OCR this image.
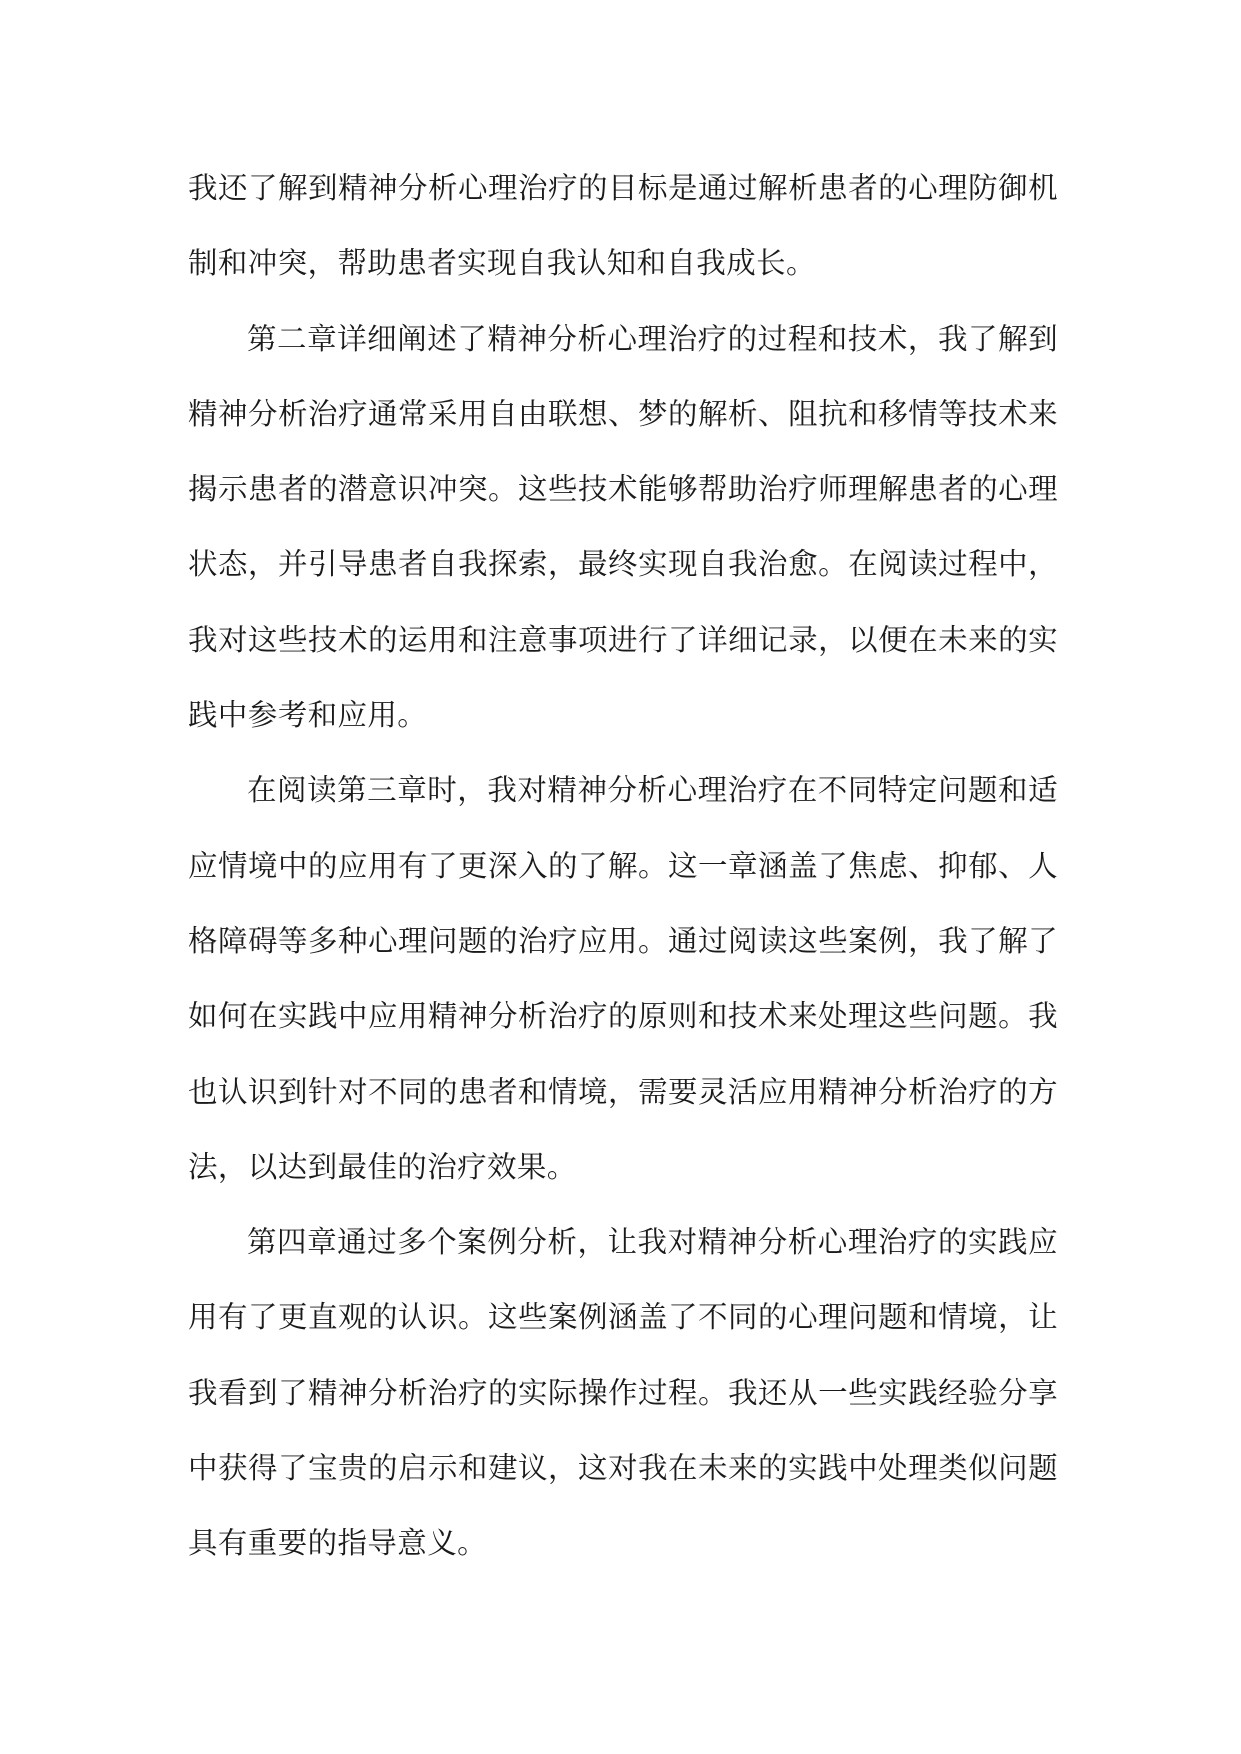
我还了解到精神分析心理治疗的目标是通过解析患者的心理防御机制和冲突，帮助患者实现自我认知和自我成长。

第二章详细阐述了精神分析心理治疗的过程和技术，我了解到精神分析治疗通常采用自由联想、梦的解析、阻抗和移情等技术来揭示患者的潜意识冲突。这些技术能够帮助治疗师理解患者的心理状态，并引导患者自我探索，最终实现自我治愈。在阅读过程中，我对这些技术的运用和注意事项进行了详细记录，以便在未来的实践中参考和应用。

在阅读第三章时，我对精神分析心理治疗在不同特定问题和适应情境中的应用有了更深入的了解。这一章涵盖了焦虑、抑郁、人格障碍等多种心理问题的治疗应用。通过阅读这些案例，我了解了如何在实践中应用精神分析治疗的原则和技术来处理这些问题。我也认识到针对不同的患者和情境，需要灵活应用精神分析治疗的方法，以达到最佳的治疗效果。

第四章通过多个案例分析，让我对精神分析心理治疗的实践应用有了更直观的认识。这些案例涵盖了不同的心理问题和情境，让我看到了精神分析治疗的实际操作过程。我还从一些实践经验分享中获得了宝贵的启示和建议，这对我在未来的实践中处理类似问题具有重要的指导意义。
